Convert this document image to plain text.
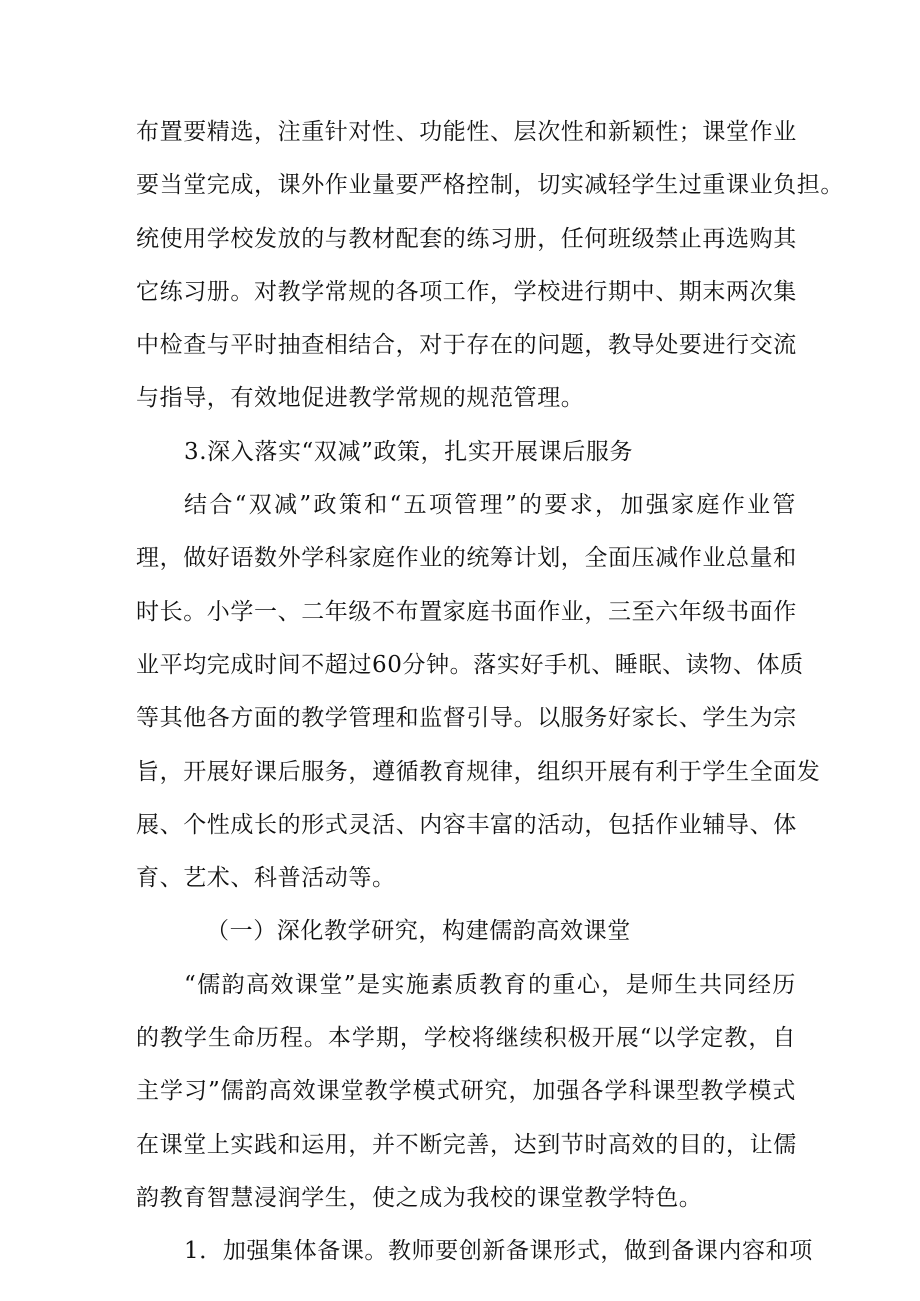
布置要精选，注重针对性、功能性、层次性和新颖性；课堂作业
要当堂完成，课外作业量要严格控制，切实减轻学生过重课业负担。
统使用学校发放的与教材配套的练习册，任何班级禁止再选购其
它练习册。对教学常规的各项工作，学校进行期中、期末两次集
中检查与平时抽查相结合，对于存在的问题，教导处要进行交流
与指导，有效地促进教学常规的规范管理。
3.深入落实“双减”政策，扎实开展课后服务
结合“双减”政策和“五项管理”的要求，加强家庭作业管
理，做好语数外学科家庭作业的统筹计划，全面压减作业总量和
时长。小学一、二年级不布置家庭书面作业，三至六年级书面作
业平均完成时间不超过60分钟。落实好手机、睡眠、读物、体质
等其他各方面的教学管理和监督引导。以服务好家长、学生为宗
旨，开展好课后服务，遵循教育规律，组织开展有利于学生全面发
展、个性成长的形式灵活、内容丰富的活动，包括作业辅导、体
育、艺术、科普活动等。
（一）深化教学研究，构建儒韵高效课堂
“儒韵高效课堂”是实施素质教育的重心，是师生共同经历
的教学生命历程。本学期，学校将继续积极开展“以学定教，自
主学习”儒韵高效课堂教学模式研究，加强各学科课型教学模式
在课堂上实践和运用，并不断完善，达到节时高效的目的，让儒
韵教育智慧浸润学生，使之成为我校的课堂教学特色。
1．加强集体备课。教师要创新备课形式，做到备课内容和项
